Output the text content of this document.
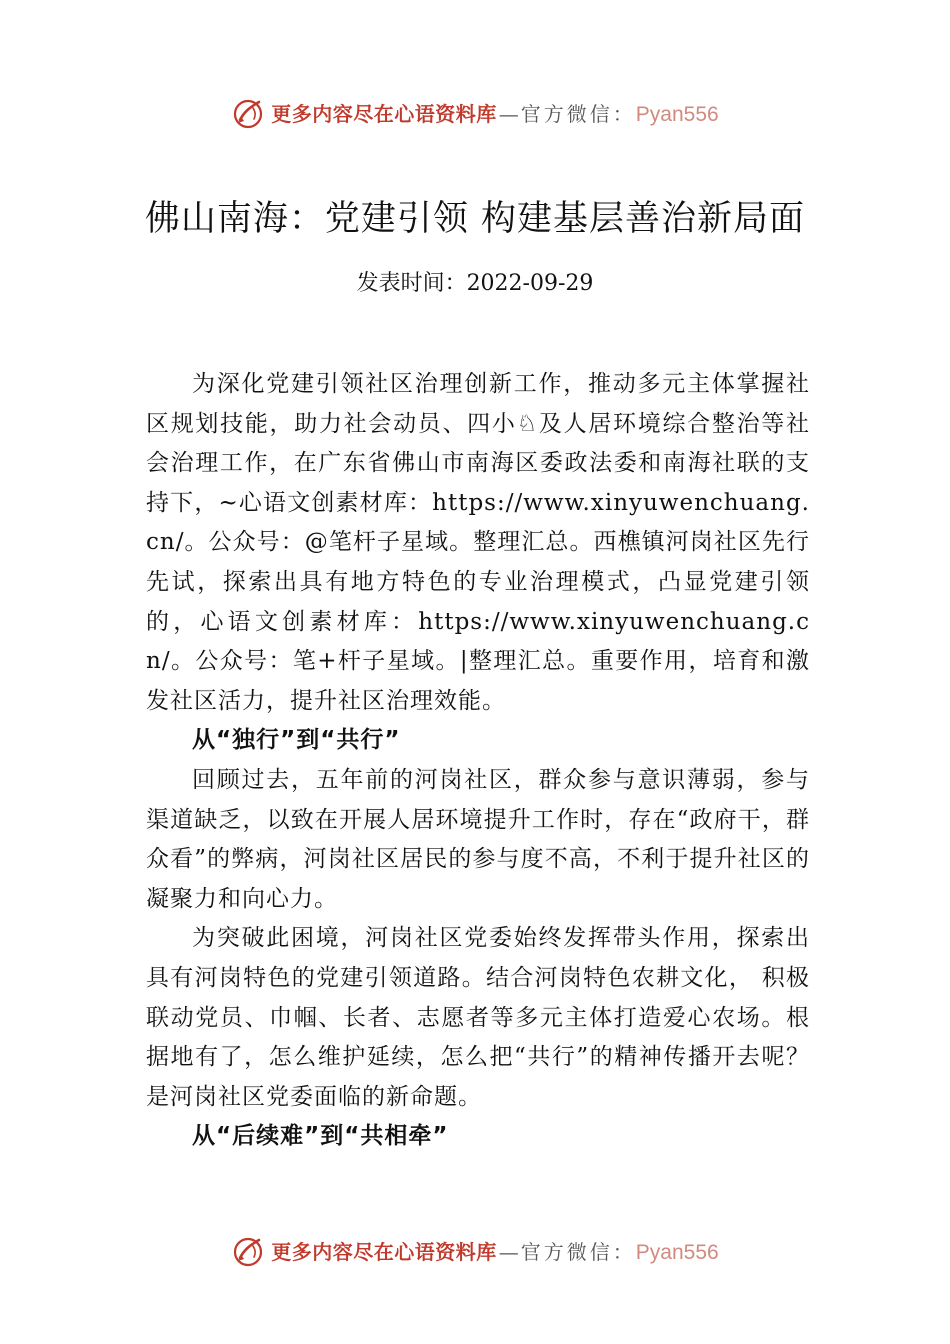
更多内容尽在心语资料库 — 官方微信： Pyan556
佛山南海：党建引领 构建基层善治新局面
发表时间：2022-09-29

为深化党建引领社区治理创新工作，推动多元主体掌握社区规划技能，助力社会动员、四小♘及人居环境综合整治等社会治理工作，在广东省佛山市南海区委政法委和南海社联的支持下，~心语文创素材库：https://www.xinyuwenchuang.cn/。公众号：@笔杆子星域。整理汇总。西樵镇河岗社区先行先试，探索出具有地方特色的专业治理模式，凸显党建引领的，心语文创素材库：https://www.xinyuwenchuang.cn/。公众号：笔+杆子星域。|整理汇总。重要作用，培育和激发社区活力，提升社区治理效能。

从“独行”到“共行”

回顾过去，五年前的河岗社区，群众参与意识薄弱，参与渠道缺乏，以致在开展人居环境提升工作时，存在“政府干，群众看”的弊病，河岗社区居民的参与度不高，不利于提升社区的凝聚力和向心力。

为突破此困境，河岗社区党委始终发挥带头作用，探索出具有河岗特色的党建引领道路。结合河岗特色农耕文化， 积极联动党员、巾帼、长者、志愿者等多元主体打造爱心农场。根据地有了，怎么维护延续，怎么把“共行”的精神传播开去呢？是河岗社区党委面临的新命题。

从“后续难”到“共相牵”

更多内容尽在心语资料库 — 官方微信： Pyan556
